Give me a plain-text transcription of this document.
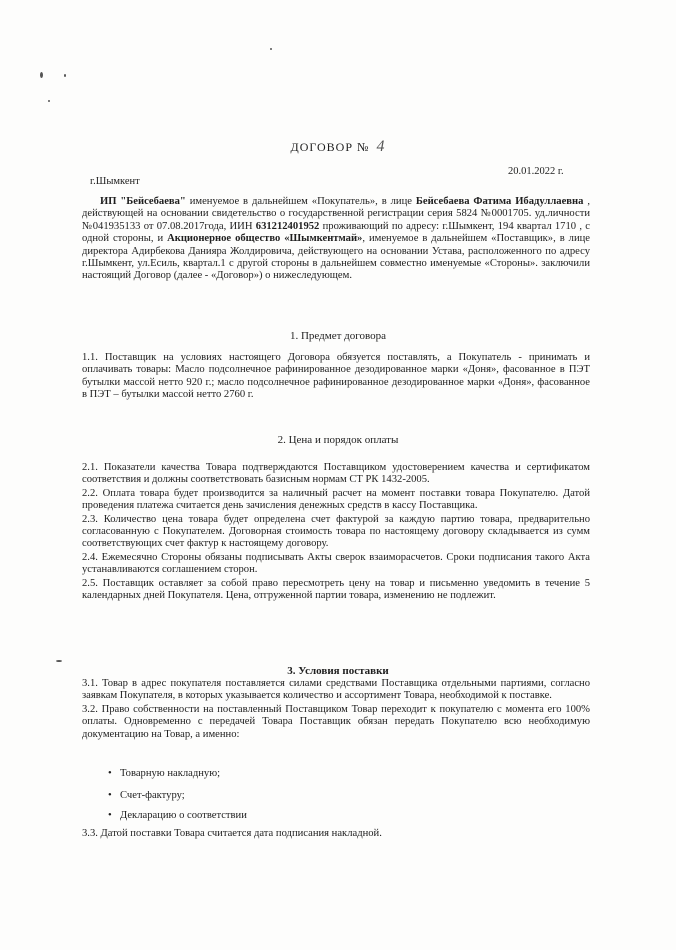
ДОГОВОР № 4
20.01.2022 г.
г.Шымкент

ИП "Бейсебаева" именуемое в дальнейшем «Покупатель», в лице Бейсебаева Фатима Ибадуллаевна , действующей на основании свидетельство о государственной регистрации серия 5824 №0001705. уд.личности №041935133 от 07.08.2017года, ИИН 631212401952 проживающий по адресу: г.Шымкент, 194 квартал 1710 , с одной стороны, и Акционерное общество «Шымкентмай», именуемое в дальнейшем «Поставщик», в лице директора Адирбекова Данияра Жолдировича, действующего на основании Устава, расположенного по адресу г.Шымкент, ул.Есиль, квартал.1 с другой стороны в дальнейшем совместно именуемые «Стороны». заключили настоящий Договор (далее - «Договор») о нижеследующем.

1. Предмет договора

1.1. Поставщик на условиях настоящего Договора обязуется поставлять, а Покупатель - принимать и оплачивать товары: Масло подсолнечное рафинированное дезодированное марки «Доня», фасованное в ПЭТ бутылки массой нетто 920 г.; масло подсолнечное рафинированное дезодированное марки «Доня», фасованное в ПЭТ – бутылки массой нетто 2760 г.

2. Цена и порядок оплаты

2.1. Показатели качества Товара подтверждаются Поставщиком удостоверением качества и сертификатом соответствия и должны соответствовать базисным нормам СТ РК 1432-2005.

2.2. Оплата товара будет производится за наличный расчет на момент поставки товара Покупателю. Датой проведения платежа считается день зачисления денежных средств в кассу Поставщика.

2.3. Количество цена товара будет определена счет фактурой за каждую партию товара, предварительно согласованную с Покупателем. Договорная стоимость товара по настоящему договору складывается из сумм соответствующих счет фактур к настоящему договору.

2.4. Ежемесячно Стороны обязаны подписывать Акты сверок взаиморасчетов. Сроки подписания такого Акта устанавливаются соглашением сторон.

2.5. Поставщик оставляет за собой право пересмотреть цену на товар и письменно уведомить в течение 5 календарных дней Покупателя. Цена, отгруженной партии товара, изменению не подлежит.

3. Условия поставки

3.1. Товар в адрес покупателя поставляется силами средствами Поставщика отдельными партиями, согласно заявкам Покупателя, в которых указывается количество и ассортимент Товара, необходимой к поставке.

3.2. Право собственности на поставленный Поставщиком Товар переходит к покупателю с момента его 100% оплаты. Одновременно с передачей Товара Поставщик обязан передать Покупателю всю необходимую документацию на Товар, а именно:

• Товарную накладную;
• Счет-фактуру;
• Декларацию о соответствии

3.3. Датой поставки Товара считается дата подписания накладной.
